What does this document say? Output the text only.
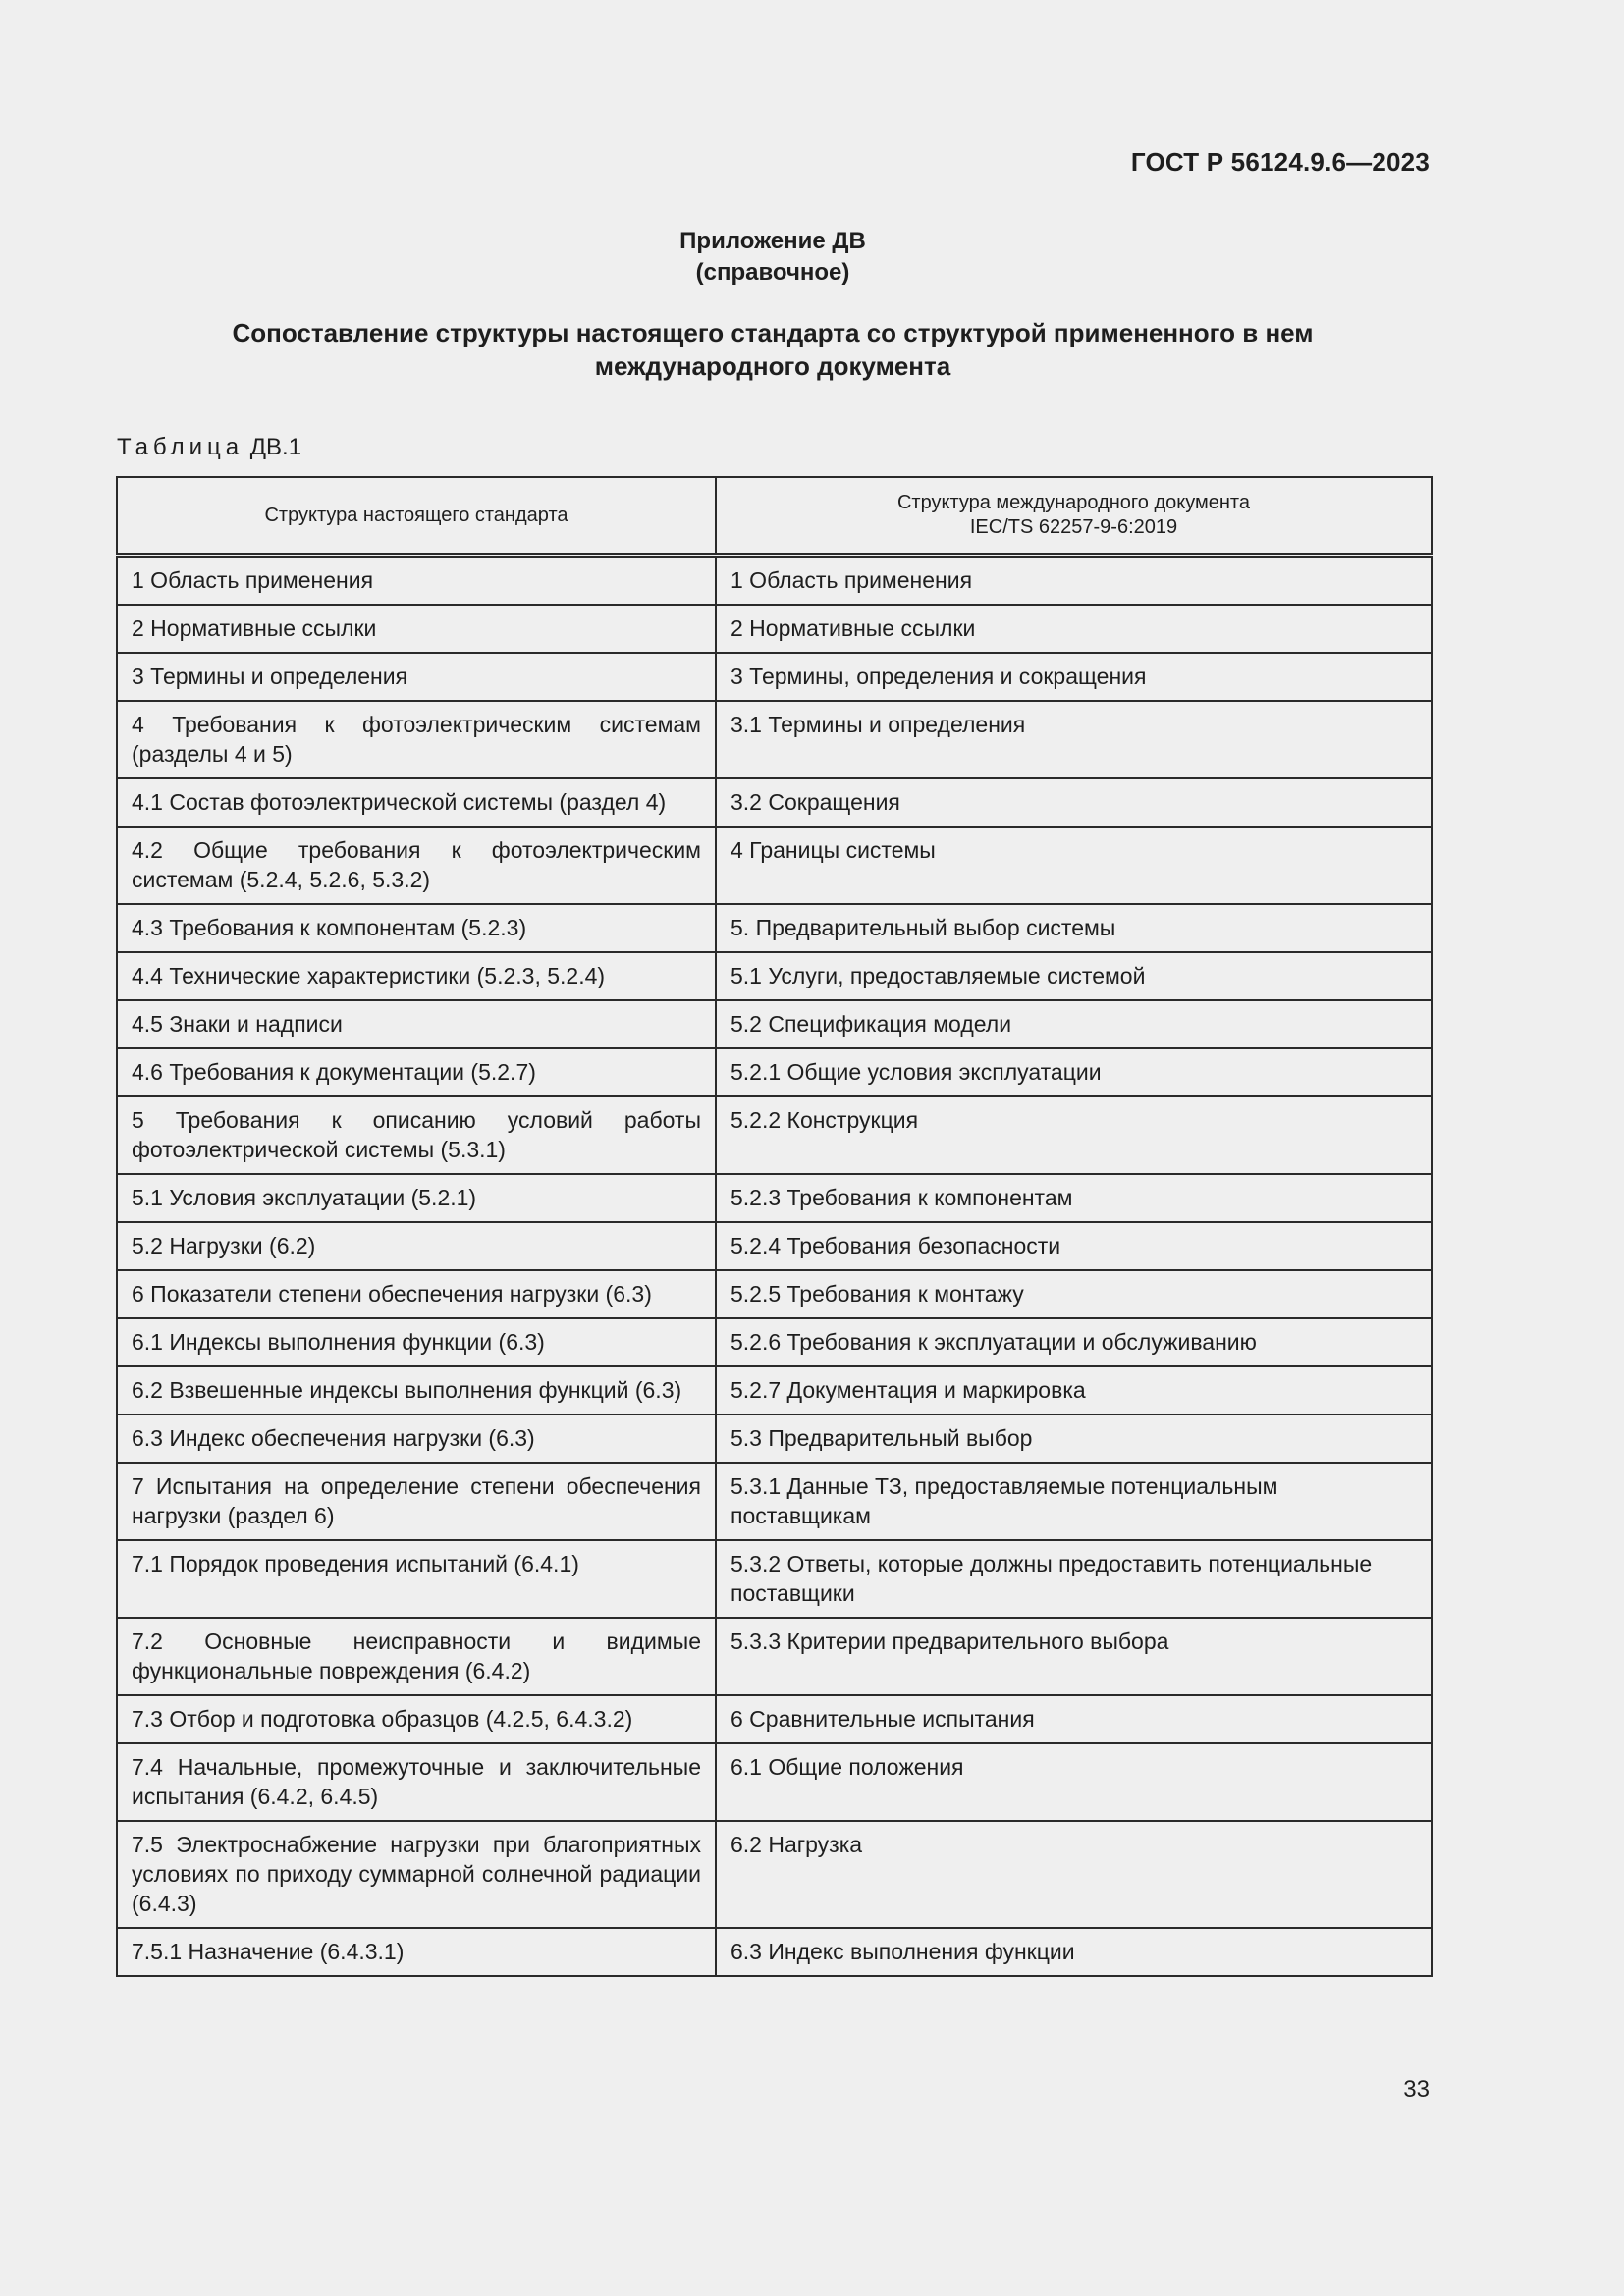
ГОСТ Р 56124.9.6—2023
Приложение ДВ
(справочное)
Сопоставление структуры настоящего стандарта со структурой примененного в нем международного документа
Таблица ДВ.1
Структура настоящего стандарта	Структура международного документа
IEC/TS 62257-9-6:2019

1 Область применения	1 Область применения
2 Нормативные ссылки	2 Нормативные ссылки
3 Термины и определения	3 Термины, определения и сокращения
4 Требования к фотоэлектрическим системам (разделы 4 и 5)	3.1 Термины и определения
4.1 Состав фотоэлектрической системы (раздел 4)	3.2 Сокращения
4.2 Общие требования к фотоэлектрическим системам (5.2.4, 5.2.6, 5.3.2)	4 Границы системы
4.3 Требования к компонентам (5.2.3)	5. Предварительный выбор системы
4.4 Технические характеристики (5.2.3, 5.2.4)	5.1 Услуги, предоставляемые системой
4.5 Знаки и надписи	5.2 Спецификация модели
4.6 Требования к документации (5.2.7)	5.2.1 Общие условия эксплуатации
5 Требования к описанию условий работы фотоэлектрической системы (5.3.1)	5.2.2 Конструкция
5.1 Условия эксплуатации (5.2.1)	5.2.3 Требования к компонентам
5.2 Нагрузки (6.2)	5.2.4 Требования безопасности
6 Показатели степени обеспечения нагрузки (6.3)	5.2.5 Требования к монтажу
6.1 Индексы выполнения функции (6.3)	5.2.6 Требования к эксплуатации и обслуживанию
6.2 Взвешенные индексы выполнения функций (6.3)	5.2.7 Документация и маркировка
6.3 Индекс обеспечения нагрузки (6.3)	5.3 Предварительный выбор
7 Испытания на определение степени обеспечения нагрузки (раздел 6)	5.3.1 Данные ТЗ, предоставляемые потенциальным поставщикам
7.1 Порядок проведения испытаний (6.4.1)	5.3.2 Ответы, которые должны предоставить потенциальные поставщики
7.2 Основные неисправности и видимые функциональные повреждения (6.4.2)	5.3.3 Критерии предварительного выбора
7.3 Отбор и подготовка образцов (4.2.5, 6.4.3.2)	6 Сравнительные испытания
7.4 Начальные, промежуточные и заключительные испытания (6.4.2, 6.4.5)	6.1 Общие положения
7.5 Электроснабжение нагрузки при благоприятных условиях по приходу суммарной солнечной радиации (6.4.3)	6.2 Нагрузка
7.5.1 Назначение (6.4.3.1)	6.3 Индекс выполнения функции
33
